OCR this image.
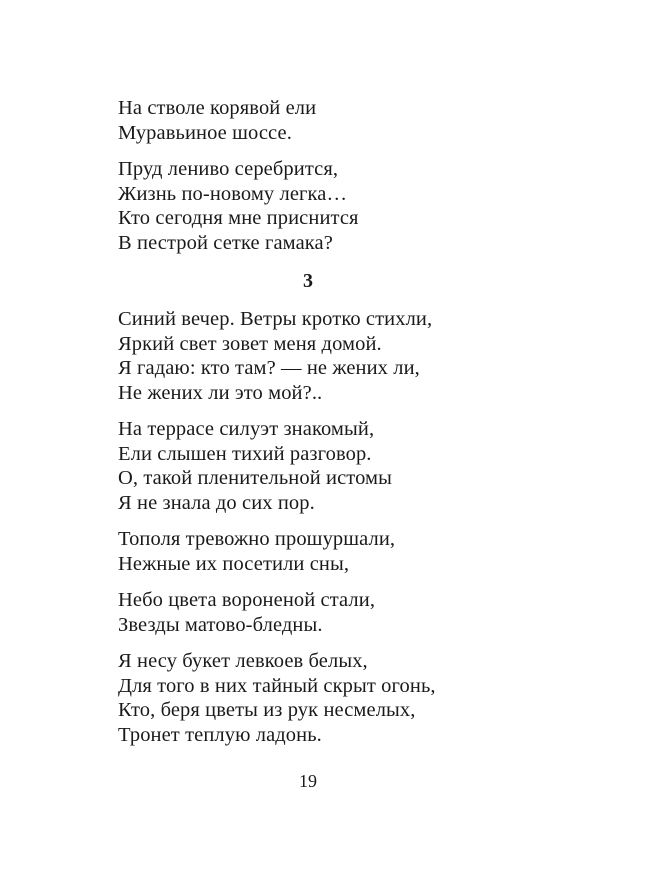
На стволе корявой ели
Муравьиное шоссе.
Пруд лениво серебрится,
Жизнь по-новому легка…
Кто сегодня мне приснится
В пестрой сетке гамака?
3
Синий вечер. Ветры кротко стихли,
Яркий свет зовет меня домой.
Я гадаю: кто там? — не жених ли,
Не жених ли это мой?..
На террасе силуэт знакомый,
Ели слышен тихий разговор.
О, такой пленительной истомы
Я не знала до сих пор.
Тополя тревожно прошуршали,
Нежные их посетили сны,
Небо цвета вороненой стали,
Звезды матово-бледны.
Я несу букет левкоев белых,
Для того в них тайный скрыт огонь,
Кто, беря цветы из рук несмелых,
Тронет теплую ладонь.
19
